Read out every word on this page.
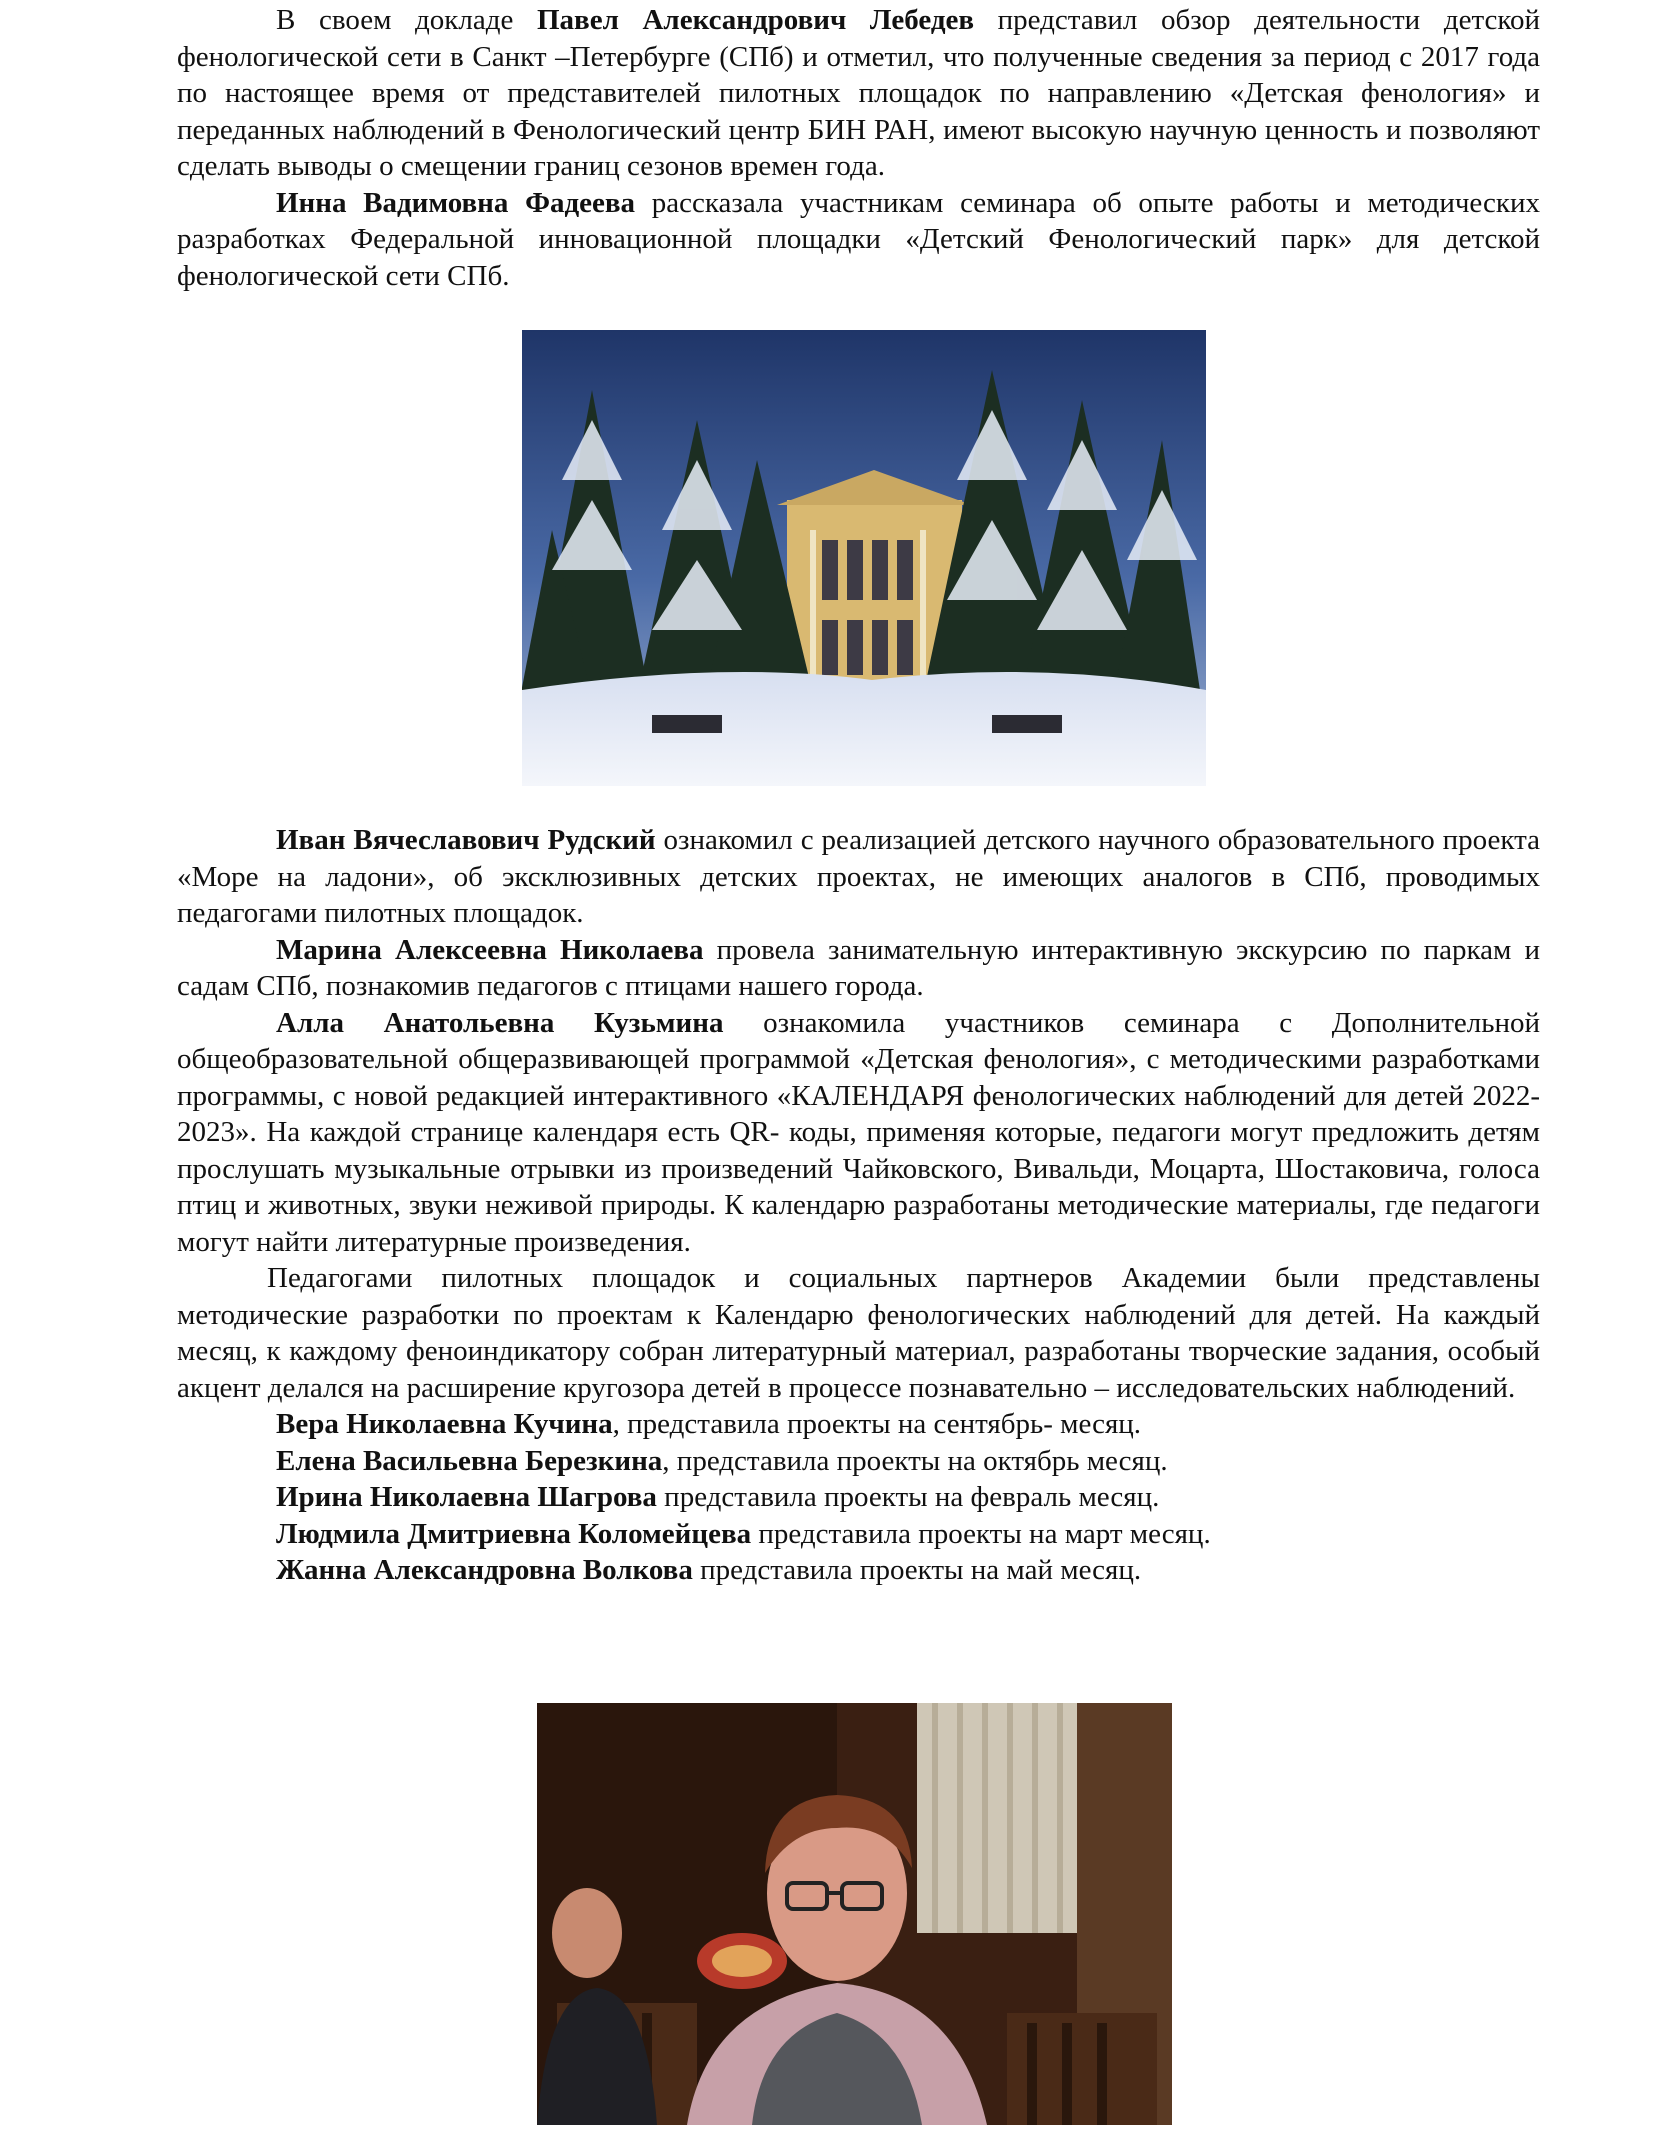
В своем докладе Павел Александрович Лебедев представил обзор деятельности детской фенологической сети в Санкт –Петербурге (СПб) и отметил, что полученные сведения за период с 2017 года по настоящее время от представителей пилотных площадок по направлению «Детская фенология» и переданных наблюдений в Фенологический центр БИН РАН, имеют высокую научную ценность и позволяют сделать выводы о смещении границ сезонов времен года.

Инна Вадимовна Фадеева рассказала участникам семинара об опыте работы и методических разработках Федеральной инновационной площадки «Детский Фенологический парк» для детской фенологической сети СПб.

Иван Вячеславович Рудский ознакомил с реализацией детского научного образовательного проекта «Море на ладони», об эксклюзивных детских проектах, не имеющих аналогов в СПб, проводимых педагогами пилотных площадок.

Марина Алексеевна Николаева провела занимательную интерактивную экскурсию по паркам и садам СПб, познакомив педагогов с птицами нашего города.

Алла Анатольевна Кузьмина ознакомила участников семинара с Дополнительной общеобразовательной общеразвивающей программой «Детская фенология», с методическими разработками программы, с новой редакцией интерактивного «КАЛЕНДАРЯ фенологических наблюдений для детей 2022-2023». На каждой странице календаря есть QR- коды, применяя которые, педагоги могут предложить детям прослушать музыкальные отрывки из произведений Чайковского, Вивальди, Моцарта, Шостаковича, голоса птиц и животных, звуки неживой природы. К календарю разработаны методические материалы, где педагоги могут найти литературные произведения.

Педагогами пилотных площадок и социальных партнеров Академии были представлены методические разработки по проектам к Календарю фенологических наблюдений для детей. На каждый месяц, к каждому феноиндикатору собран литературный материал, разработаны творческие задания, особый акцент делался на расширение кругозора детей в процессе познавательно – исследовательских наблюдений.

Вера Николаевна Кучина, представила проекты на сентябрь- месяц.

Елена Васильевна Березкина, представила проекты на октябрь месяц.

Ирина Николаевна Шагрова представила проекты на февраль месяц.

Людмила Дмитриевна Коломейцева представила проекты на март месяц.

Жанна Александровна Волкова представила проекты на май месяц.
